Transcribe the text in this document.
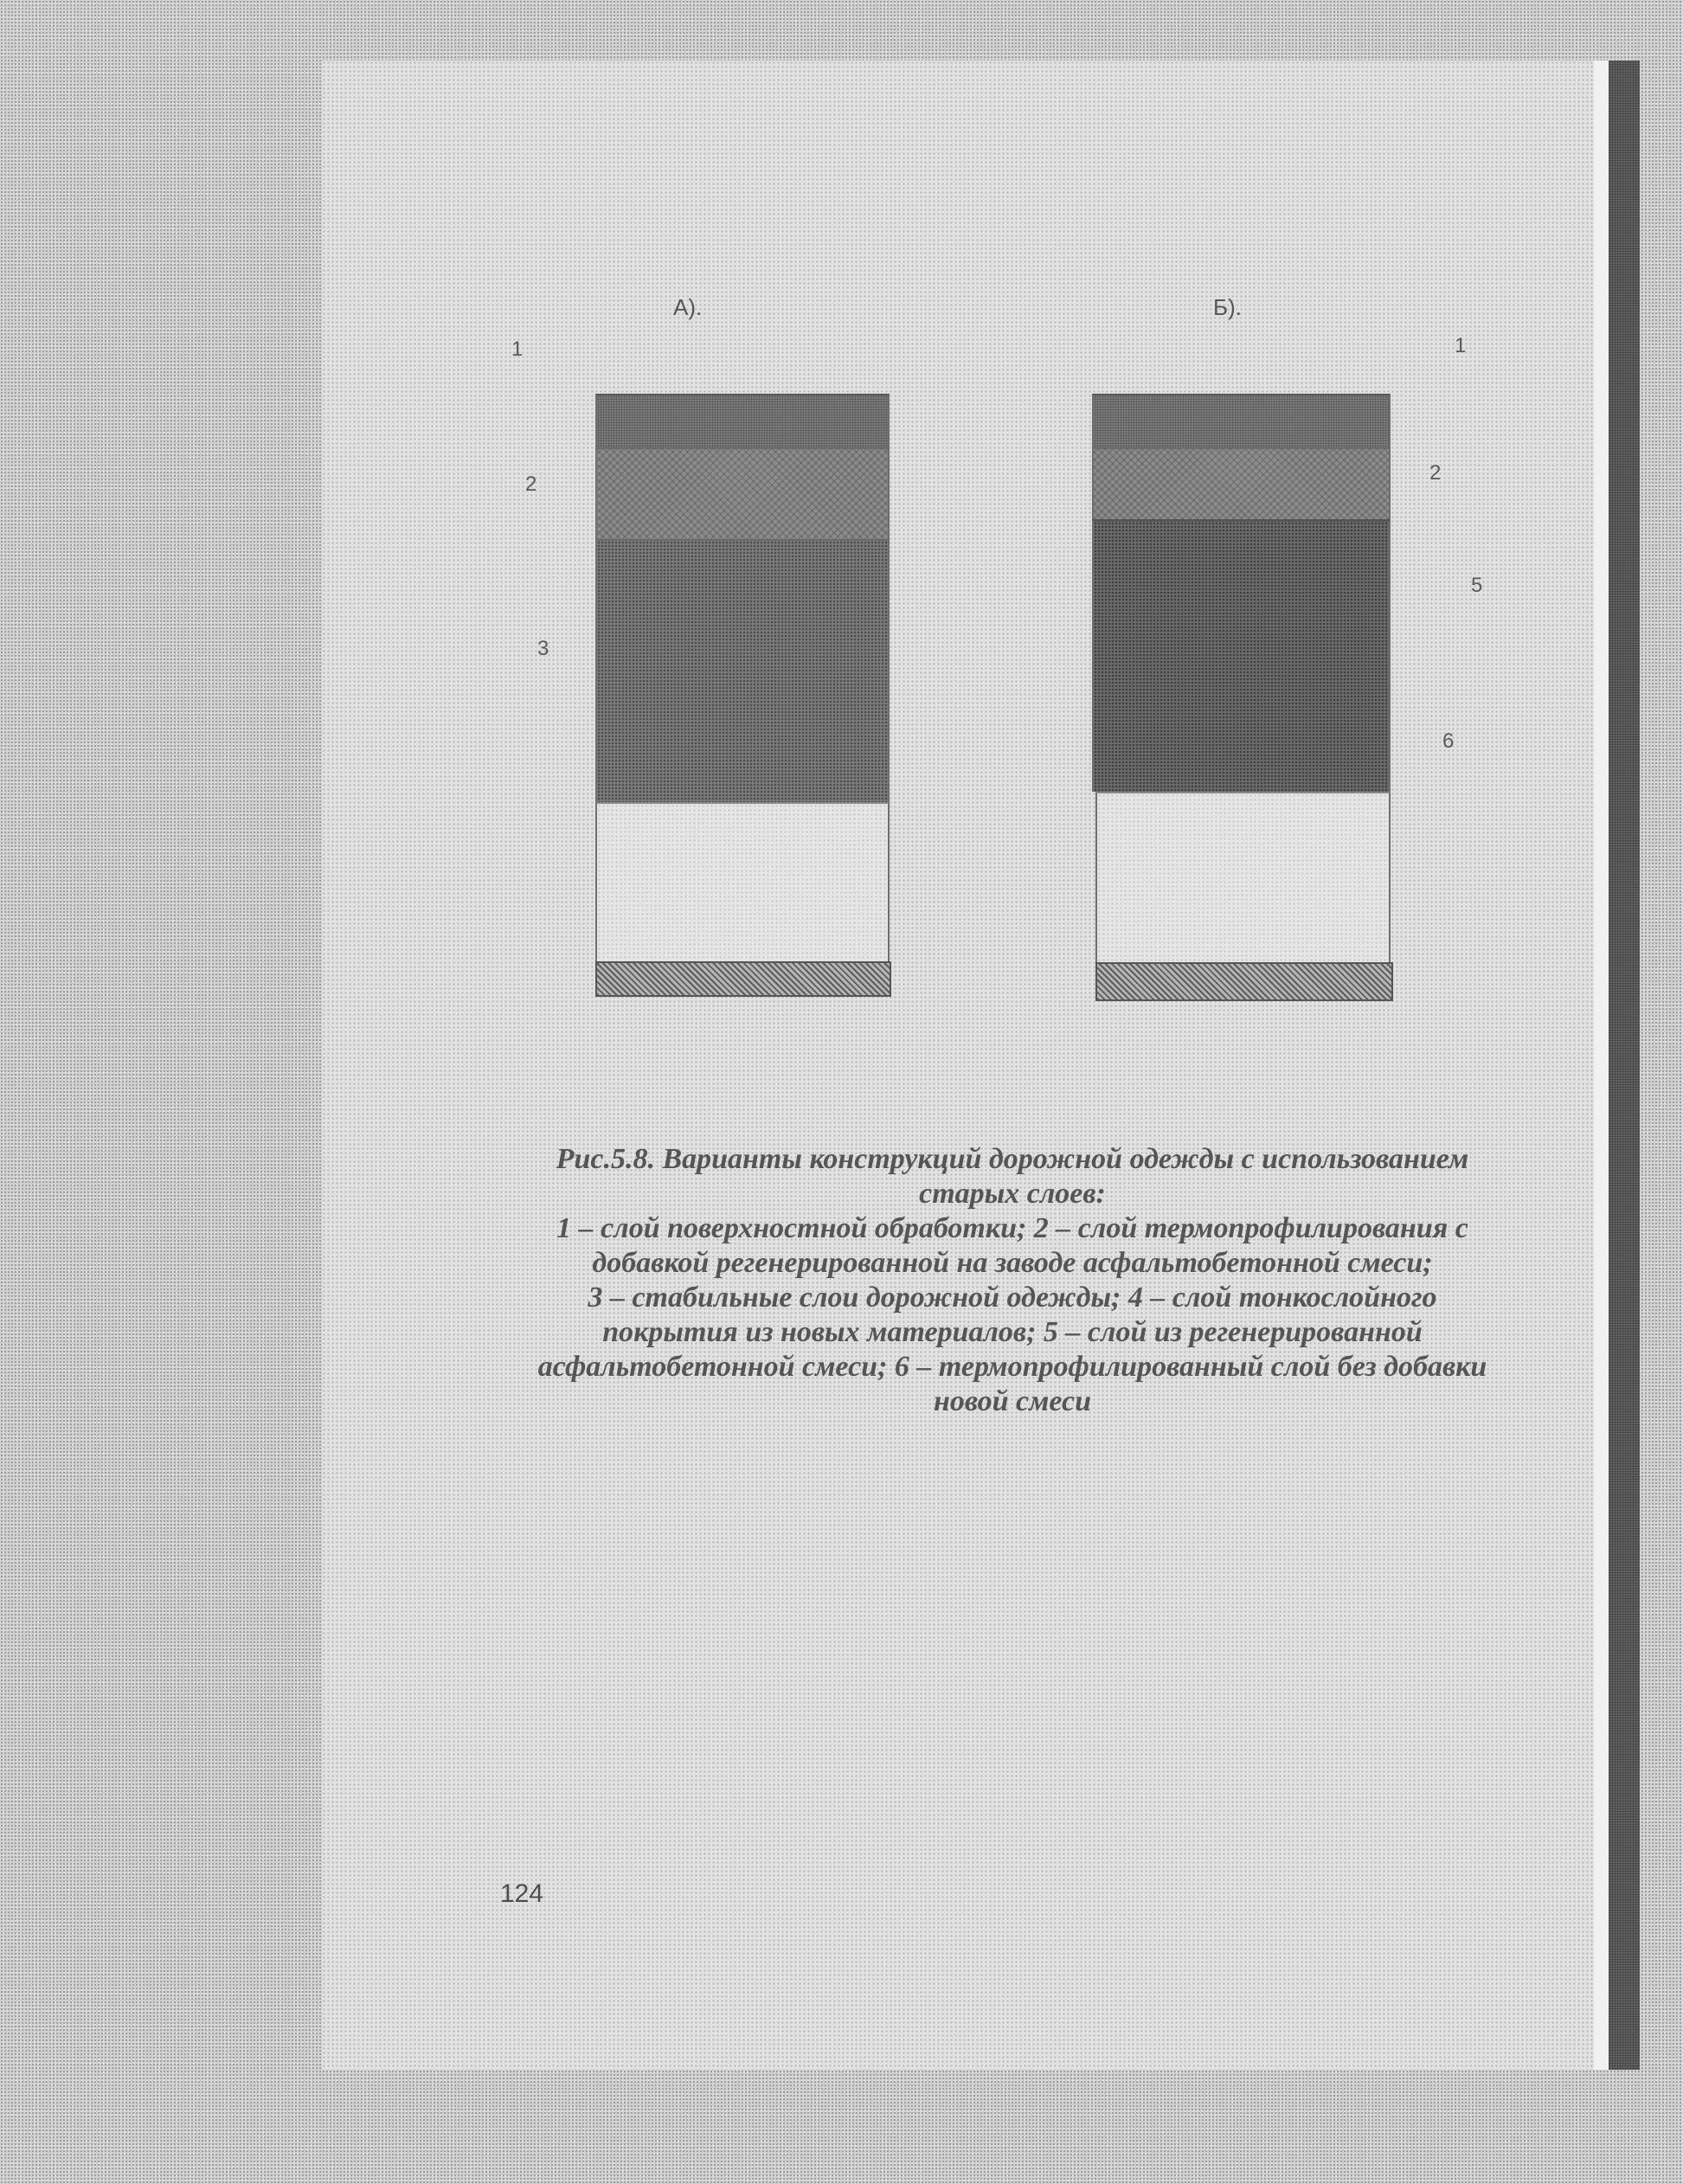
А).
1
2
3
Б).
1
2
5
6
Рис.5.8. Варианты конструкций дорожной одежды с использованием
старых слоев:
1 – слой поверхностной обработки; 2 – слой термопрофилирования с
добавкой регенерированной на заводе асфальтобетонной смеси;
3 – стабильные слои дорожной одежды; 4 – слой тонкослойного
покрытия из новых материалов; 5 – слой из регенерированной
асфальтобетонной смеси; 6 – термопрофилированный слой без добавки
новой смеси
124
